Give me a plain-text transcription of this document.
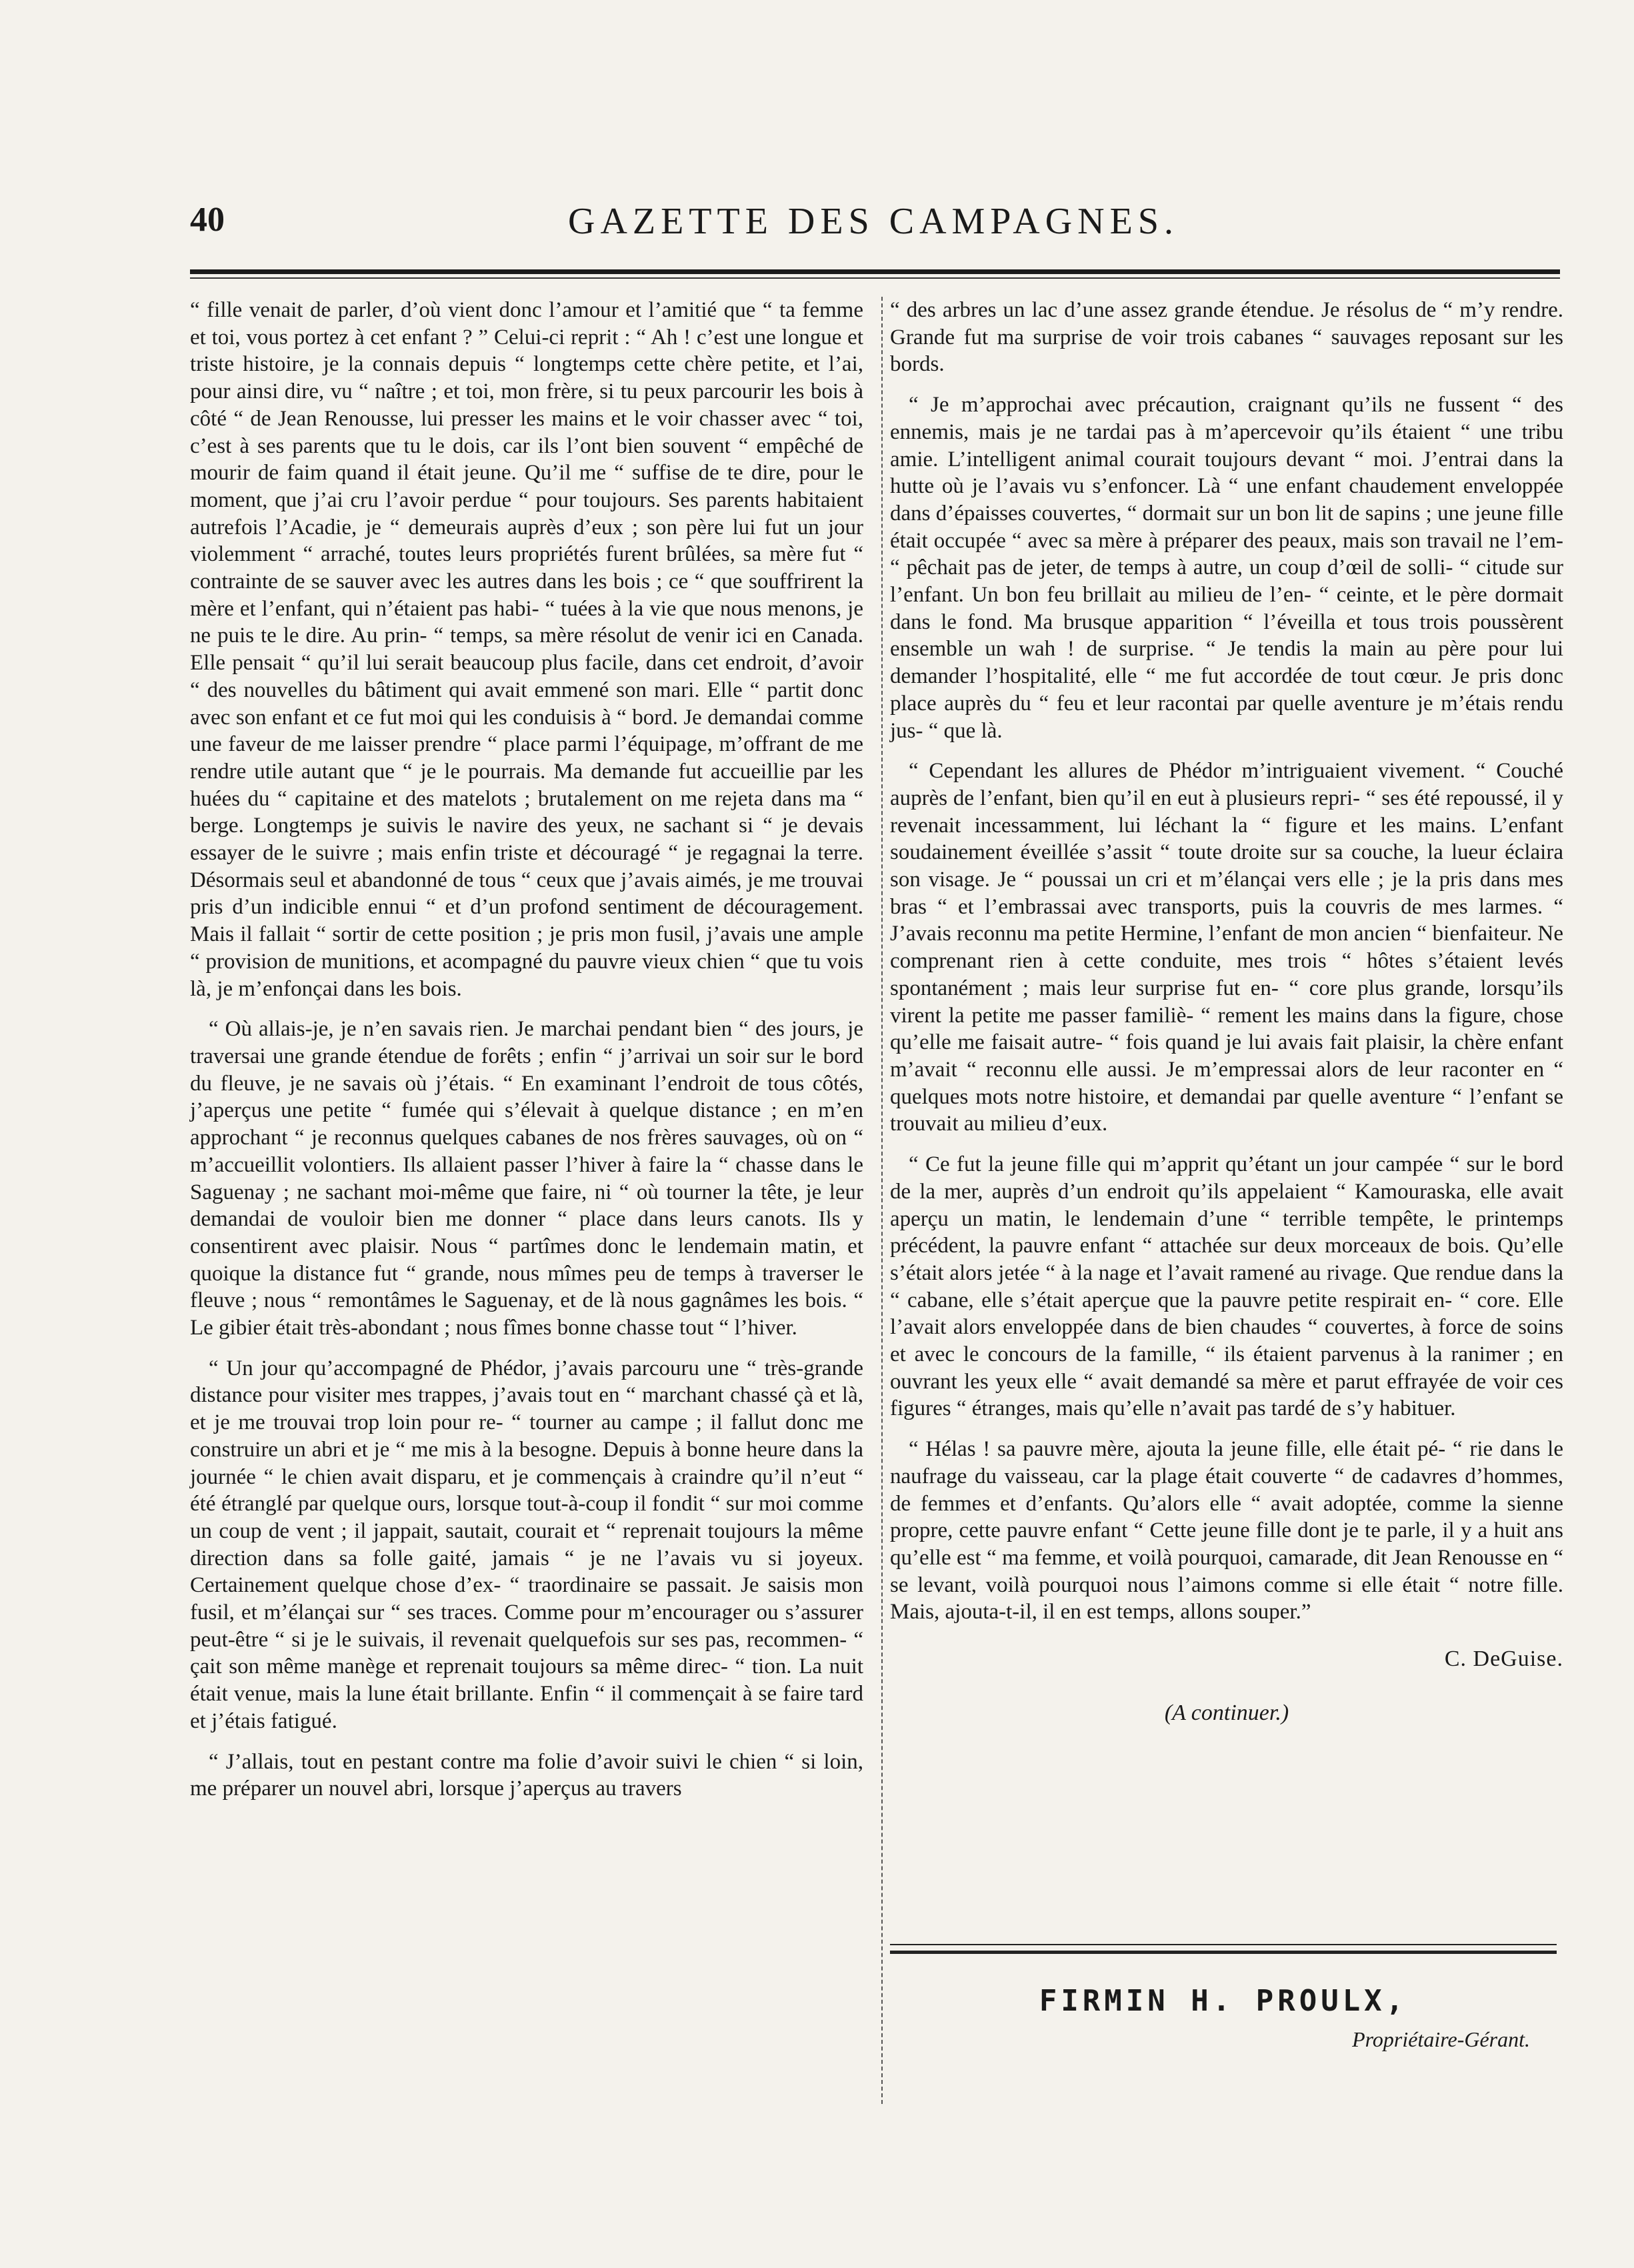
40	GAZETTE DES CAMPAGNES.

“ fille venait de parler, d’où vient donc l’amour et l’amitié que “ ta femme et toi, vous portez à cet enfant ? ” Celui-ci reprit : “ Ah ! c’est une longue et triste histoire, je la connais depuis “ longtemps cette chère petite, et l’ai, pour ainsi dire, vu “ naître ; et toi, mon frère, si tu peux parcourir les bois à côté “ de Jean Renousse, lui presser les mains et le voir chasser avec “ toi, c’est à ses parents que tu le dois, car ils l’ont bien souvent “ empêché de mourir de faim quand il était jeune. Qu’il me “ suffise de te dire, pour le moment, que j’ai cru l’avoir perdue “ pour toujours. Ses parents habitaient autrefois l’Acadie, je “ demeurais auprès d’eux ; son père lui fut un jour violemment “ arraché, toutes leurs propriétés furent brûlées, sa mère fut “ contrainte de se sauver avec les autres dans les bois ; ce “ que souffrirent la mère et l’enfant, qui n’étaient pas habi- “ tuées à la vie que nous menons, je ne puis te le dire. Au prin- “ temps, sa mère résolut de venir ici en Canada. Elle pensait “ qu’il lui serait beaucoup plus facile, dans cet endroit, d’avoir “ des nouvelles du bâtiment qui avait emmené son mari. Elle “ partit donc avec son enfant et ce fut moi qui les conduisis à “ bord. Je demandai comme une faveur de me laisser prendre “ place parmi l’équipage, m’offrant de me rendre utile autant que “ je le pourrais. Ma demande fut accueillie par les huées du “ capitaine et des matelots ; brutalement on me rejeta dans ma “ berge. Longtemps je suivis le navire des yeux, ne sachant si “ je devais essayer de le suivre ; mais enfin triste et découragé “ je regagnai la terre. Désormais seul et abandonné de tous “ ceux que j’avais aimés, je me trouvai pris d’un indicible ennui “ et d’un profond sentiment de découragement. Mais il fallait “ sortir de cette position ; je pris mon fusil, j’avais une ample “ provision de munitions, et acompagné du pauvre vieux chien “ que tu vois là, je m’enfonçai dans les bois.

“ Où allais-je, je n’en savais rien. Je marchai pendant bien “ des jours, je traversai une grande étendue de forêts ; enfin “ j’arrivai un soir sur le bord du fleuve, je ne savais où j’étais. “ En examinant l’endroit de tous côtés, j’aperçus une petite “ fumée qui s’élevait à quelque distance ; en m’en approchant “ je reconnus quelques cabanes de nos frères sauvages, où on “ m’accueillit volontiers. Ils allaient passer l’hiver à faire la “ chasse dans le Saguenay ; ne sachant moi-même que faire, ni “ où tourner la tête, je leur demandai de vouloir bien me donner “ place dans leurs canots. Ils y consentirent avec plaisir. Nous “ partîmes donc le lendemain matin, et quoique la distance fut “ grande, nous mîmes peu de temps à traverser le fleuve ; nous “ remontâmes le Saguenay, et de là nous gagnâmes les bois. “ Le gibier était très-abondant ; nous fîmes bonne chasse tout “ l’hiver.

“ Un jour qu’accompagné de Phédor, j’avais parcouru une “ très-grande distance pour visiter mes trappes, j’avais tout en “ marchant chassé çà et là, et je me trouvai trop loin pour re- “ tourner au campe ; il fallut donc me construire un abri et je “ me mis à la besogne. Depuis à bonne heure dans la journée “ le chien avait disparu, et je commençais à craindre qu’il n’eut “ été étranglé par quelque ours, lorsque tout-à-coup il fondit “ sur moi comme un coup de vent ; il jappait, sautait, courait et “ reprenait toujours la même direction dans sa folle gaité, jamais “ je ne l’avais vu si joyeux. Certainement quelque chose d’ex- “ traordinaire se passait. Je saisis mon fusil, et m’élançai sur “ ses traces. Comme pour m’encourager ou s’assurer peut-être “ si je le suivais, il revenait quelquefois sur ses pas, recommen- “ çait son même manège et reprenait toujours sa même direc- “ tion. La nuit était venue, mais la lune était brillante. Enfin “ il commençait à se faire tard et j’étais fatigué.

“ J’allais, tout en pestant contre ma folie d’avoir suivi le chien “ si loin, me préparer un nouvel abri, lorsque j’aperçus au travers

“ des arbres un lac d’une assez grande étendue. Je résolus de “ m’y rendre. Grande fut ma surprise de voir trois cabanes “ sauvages reposant sur les bords.

“ Je m’approchai avec précaution, craignant qu’ils ne fussent “ des ennemis, mais je ne tardai pas à m’apercevoir qu’ils étaient “ une tribu amie. L’intelligent animal courait toujours devant “ moi. J’entrai dans la hutte où je l’avais vu s’enfoncer. Là “ une enfant chaudement enveloppée dans d’épaisses couvertes, “ dormait sur un bon lit de sapins ; une jeune fille était occupée “ avec sa mère à préparer des peaux, mais son travail ne l’em- “ pêchait pas de jeter, de temps à autre, un coup d’œil de solli- “ citude sur l’enfant. Un bon feu brillait au milieu de l’en- “ ceinte, et le père dormait dans le fond. Ma brusque apparition “ l’éveilla et tous trois poussèrent ensemble un wah ! de surprise. “ Je tendis la main au père pour lui demander l’hospitalité, elle “ me fut accordée de tout cœur. Je pris donc place auprès du “ feu et leur racontai par quelle aventure je m’étais rendu jus- “ que là.

“ Cependant les allures de Phédor m’intriguaient vivement. “ Couché auprès de l’enfant, bien qu’il en eut à plusieurs repri- “ ses été repoussé, il y revenait incessamment, lui léchant la “ figure et les mains. L’enfant soudainement éveillée s’assit “ toute droite sur sa couche, la lueur éclaira son visage. Je “ poussai un cri et m’élançai vers elle ; je la pris dans mes bras “ et l’embrassai avec transports, puis la couvris de mes larmes. “ J’avais reconnu ma petite Hermine, l’enfant de mon ancien “ bienfaiteur. Ne comprenant rien à cette conduite, mes trois “ hôtes s’étaient levés spontanément ; mais leur surprise fut en- “ core plus grande, lorsqu’ils virent la petite me passer familiè- “ rement les mains dans la figure, chose qu’elle me faisait autre- “ fois quand je lui avais fait plaisir, la chère enfant m’avait “ reconnu elle aussi. Je m’empressai alors de leur raconter en “ quelques mots notre histoire, et demandai par quelle aventure “ l’enfant se trouvait au milieu d’eux.

“ Ce fut la jeune fille qui m’apprit qu’étant un jour campée “ sur le bord de la mer, auprès d’un endroit qu’ils appelaient “ Kamouraska, elle avait aperçu un matin, le lendemain d’une “ terrible tempête, le printemps précédent, la pauvre enfant “ attachée sur deux morceaux de bois. Qu’elle s’était alors jetée “ à la nage et l’avait ramené au rivage. Que rendue dans la “ cabane, elle s’était aperçue que la pauvre petite respirait en- “ core. Elle l’avait alors enveloppée dans de bien chaudes “ couvertes, à force de soins et avec le concours de la famille, “ ils étaient parvenus à la ranimer ; en ouvrant les yeux elle “ avait demandé sa mère et parut effrayée de voir ces figures “ étranges, mais qu’elle n’avait pas tardé de s’y habituer.

“ Hélas ! sa pauvre mère, ajouta la jeune fille, elle était pé- “ rie dans le naufrage du vaisseau, car la plage était couverte “ de cadavres d’hommes, de femmes et d’enfants. Qu’alors elle “ avait adoptée, comme la sienne propre, cette pauvre enfant “ Cette jeune fille dont je te parle, il y a huit ans qu’elle est “ ma femme, et voilà pourquoi, camarade, dit Jean Renousse en “ se levant, voilà pourquoi nous l’aimons comme si elle était “ notre fille. Mais, ajouta-t-il, il en est temps, allons souper.”

C. DeGuise.
(A continuer.)
FIRMIN H. PROULX,
Propriétaire-Gérant.
